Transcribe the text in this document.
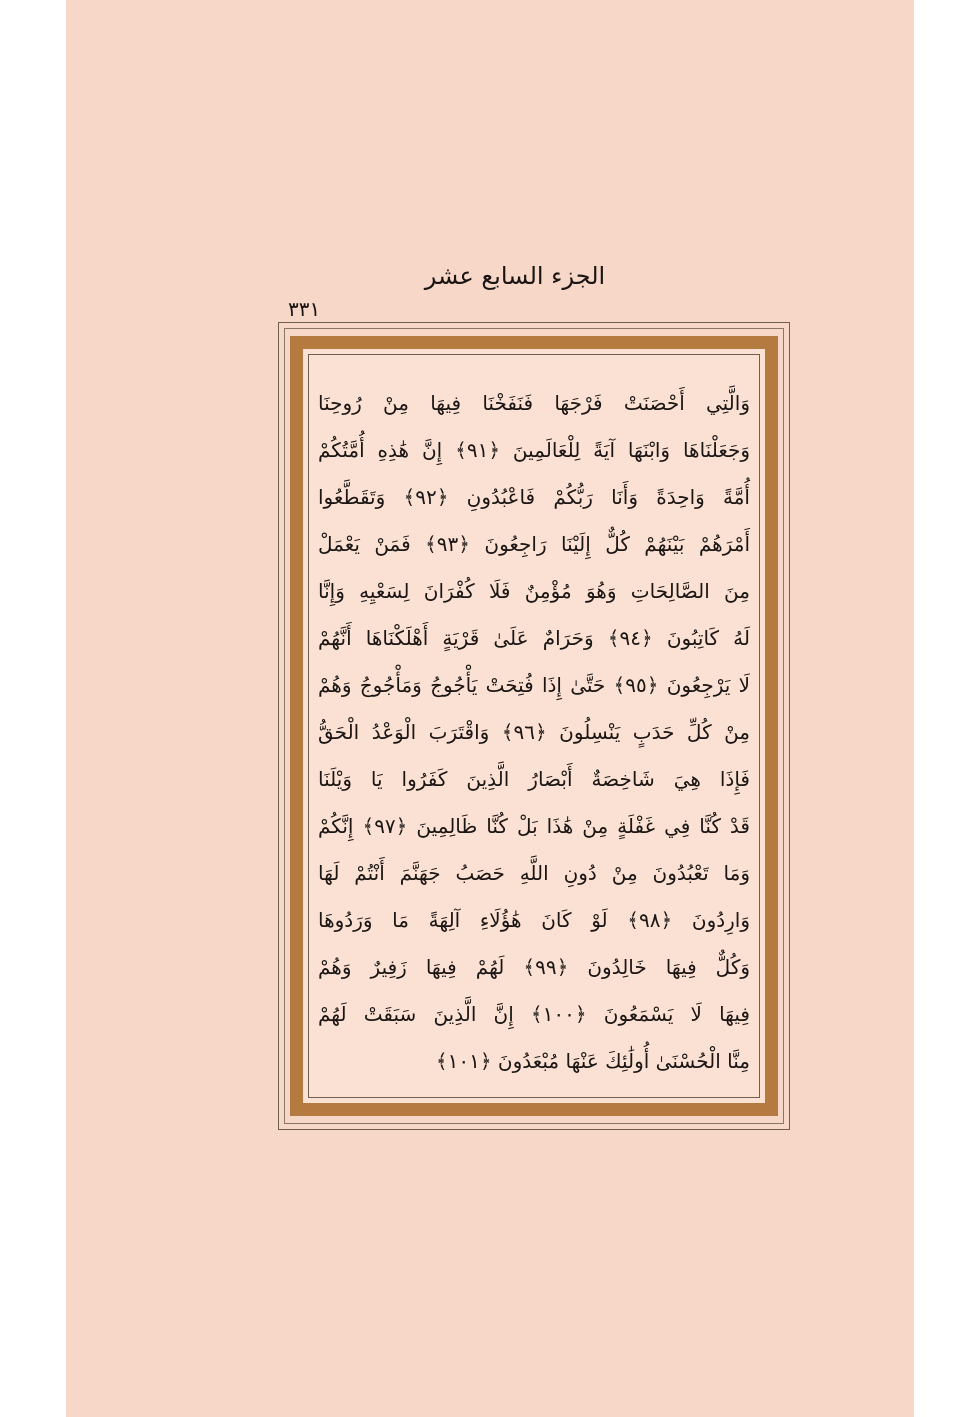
الجزء السابع عشر
٣٣١
وَالَّتِي أَحْصَنَتْ فَرْجَهَا فَنَفَخْنَا فِيهَا مِنْ رُوحِنَا
وَجَعَلْنَاهَا وَابْنَهَا آيَةً لِلْعَالَمِينَ ﴿٩١﴾ إِنَّ هَٰذِهِ أُمَّتُكُمْ
أُمَّةً وَاحِدَةً وَأَنَا رَبُّكُمْ فَاعْبُدُونِ ﴿٩٢﴾ وَتَقَطَّعُوا
أَمْرَهُمْ بَيْنَهُمْ كُلٌّ إِلَيْنَا رَاجِعُونَ ﴿٩٣﴾ فَمَنْ يَعْمَلْ
مِنَ الصَّالِحَاتِ وَهُوَ مُؤْمِنٌ فَلَا كُفْرَانَ لِسَعْيِهِ وَإِنَّا
لَهُ كَاتِبُونَ ﴿٩٤﴾ وَحَرَامٌ عَلَىٰ قَرْيَةٍ أَهْلَكْنَاهَا أَنَّهُمْ
لَا يَرْجِعُونَ ﴿٩٥﴾ حَتَّىٰ إِذَا فُتِحَتْ يَأْجُوجُ وَمَأْجُوجُ وَهُمْ
مِنْ كُلِّ حَدَبٍ يَنْسِلُونَ ﴿٩٦﴾ وَاقْتَرَبَ الْوَعْدُ الْحَقُّ
فَإِذَا هِيَ شَاخِصَةٌ أَبْصَارُ الَّذِينَ كَفَرُوا يَا وَيْلَنَا
قَدْ كُنَّا فِي غَفْلَةٍ مِنْ هَٰذَا بَلْ كُنَّا ظَالِمِينَ ﴿٩٧﴾ إِنَّكُمْ
وَمَا تَعْبُدُونَ مِنْ دُونِ اللَّهِ حَصَبُ جَهَنَّمَ أَنْتُمْ لَهَا
وَارِدُونَ ﴿٩٨﴾ لَوْ كَانَ هَٰؤُلَاءِ آلِهَةً مَا وَرَدُوهَا
وَكُلٌّ فِيهَا خَالِدُونَ ﴿٩٩﴾ لَهُمْ فِيهَا زَفِيرٌ وَهُمْ
فِيهَا لَا يَسْمَعُونَ ﴿١٠٠﴾ إِنَّ الَّذِينَ سَبَقَتْ لَهُمْ
مِنَّا الْحُسْنَىٰ أُولَٰئِكَ عَنْهَا مُبْعَدُونَ ﴿١٠١﴾
